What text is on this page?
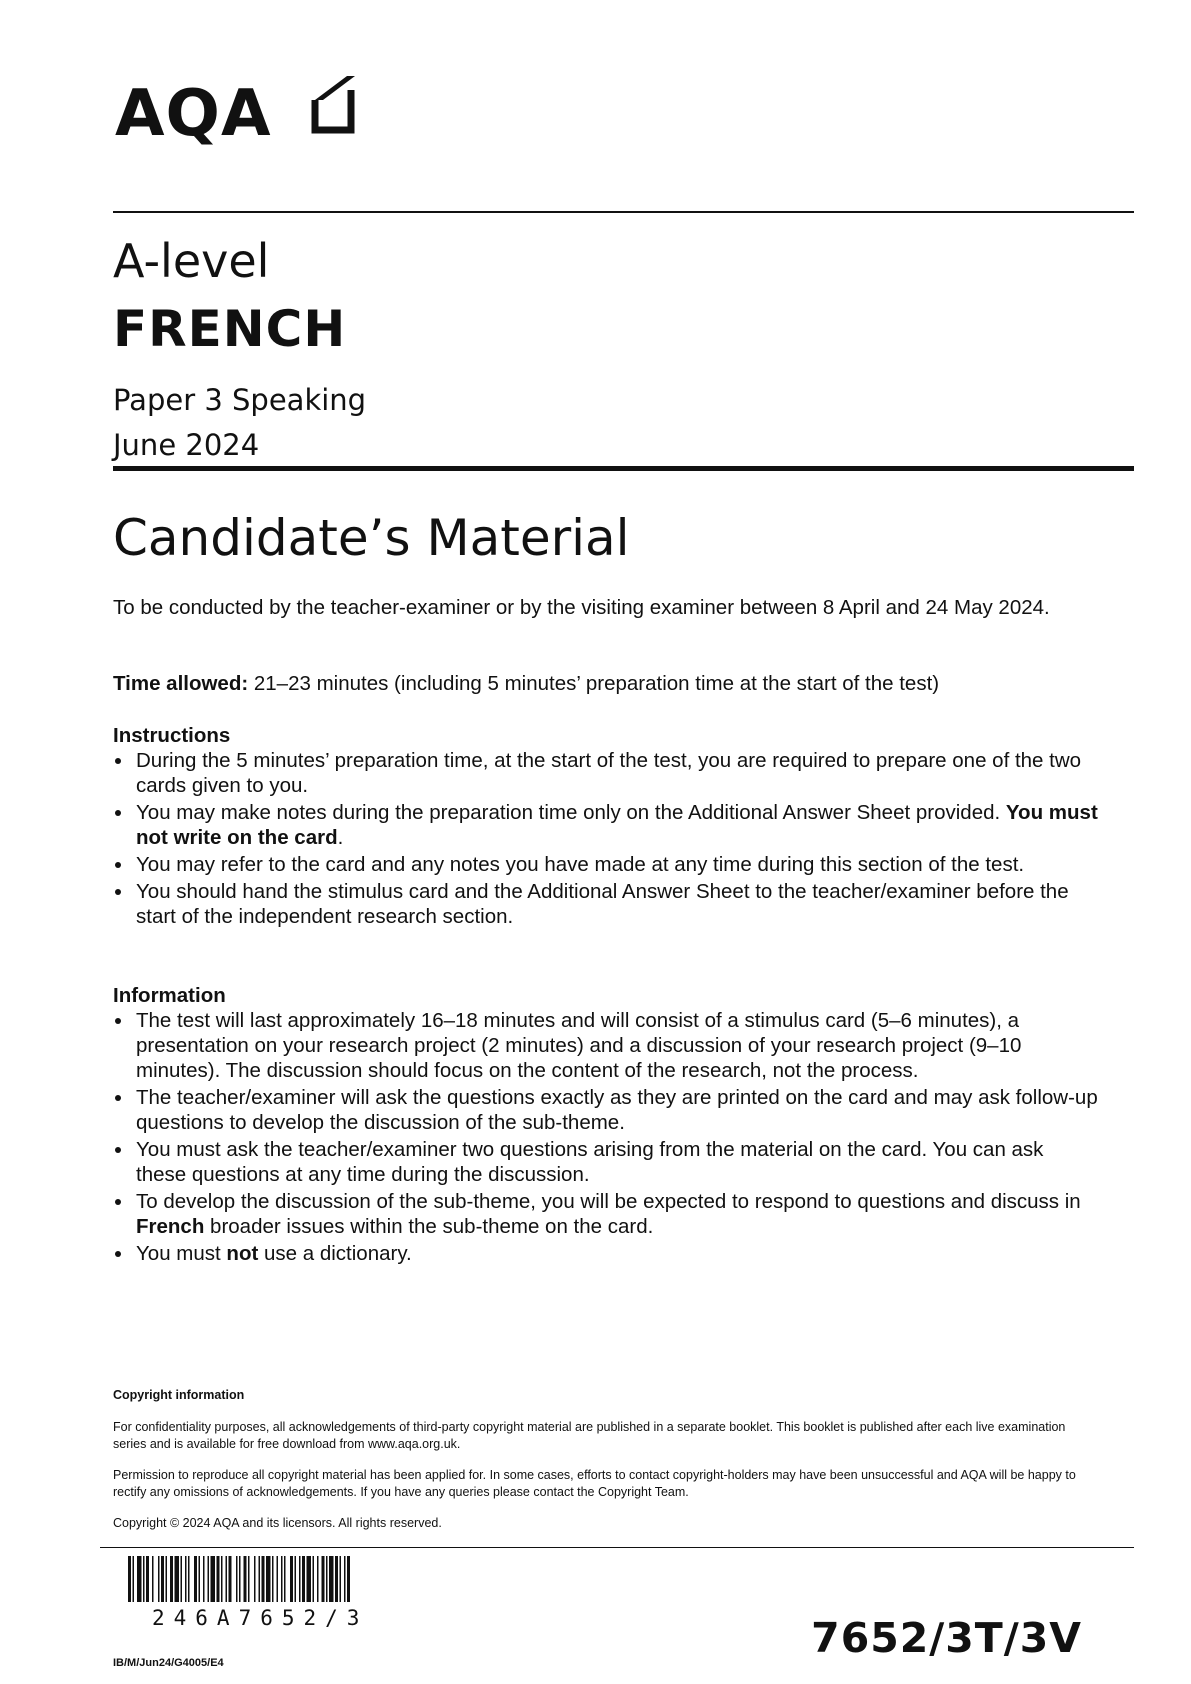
AQA
A-level
FRENCH
Paper 3 Speaking
June 2024
Candidate’s Material
To be conducted by the teacher-examiner or by the visiting examiner between 8 April and 24 May 2024.
Time allowed: 21–23 minutes (including 5 minutes’ preparation time at the start of the test)
Instructions
During the 5 minutes’ preparation time, at the start of the test, you are required to prepare one of the two cards given to you.
You may make notes during the preparation time only on the Additional Answer Sheet provided. You must not write on the card.
You may refer to the card and any notes you have made at any time during this section of the test.
You should hand the stimulus card and the Additional Answer Sheet to the teacher/examiner before the start of the independent research section.
Information
The test will last approximately 16–18 minutes and will consist of a stimulus card (5–6 minutes), a presentation on your research project (2 minutes) and a discussion of your research project (9–10 minutes). The discussion should focus on the content of the research, not the process.
The teacher/examiner will ask the questions exactly as they are printed on the card and may ask follow-up questions to develop the discussion of the sub-theme.
You must ask the teacher/examiner two questions arising from the material on the card. You can ask these questions at any time during the discussion.
To develop the discussion of the sub-theme, you will be expected to respond to questions and discuss in French broader issues within the sub-theme on the card.
You must not use a dictionary.
Copyright information
For confidentiality purposes, all acknowledgements of third-party copyright material are published in a separate booklet. This booklet is published after each live examination series and is available for free download from www.aqa.org.uk.
Permission to reproduce all copyright material has been applied for. In some cases, efforts to contact copyright-holders may have been unsuccessful and AQA will be happy to rectify any omissions of acknowledgements. If you have any queries please contact the Copyright Team.
Copyright © 2024 AQA and its licensors. All rights reserved.
246A7652/3
IB/M/Jun24/G4005/E4
7652/3T/3V
